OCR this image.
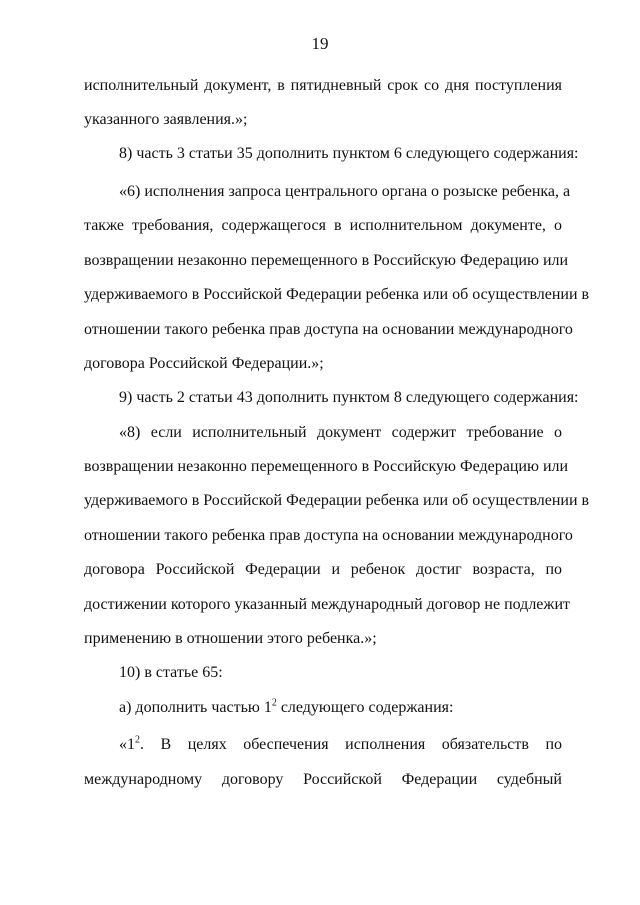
19
исполнительный документ, в пятидневный срок со дня поступления
указанного заявления.»;
8) часть 3 статьи 35 дополнить пунктом 6 следующего содержания:
«6) исполнения запроса центрального органа о розыске ребенка, а
также требования, содержащегося в исполнительном документе, о
возвращении незаконно перемещенного в Российскую Федерацию или
удерживаемого в Российской Федерации ребенка или об осуществлении в
отношении такого ребенка прав доступа на основании международного
договора Российской Федерации.»;
9) часть 2 статьи 43 дополнить пунктом 8 следующего содержания:
«8) если исполнительный документ содержит требование о
возвращении незаконно перемещенного в Российскую Федерацию или
удерживаемого в Российской Федерации ребенка или об осуществлении в
отношении такого ребенка прав доступа на основании международного
договора Российской Федерации и ребенок достиг возраста, по
достижении которого указанный международный договор не подлежит
применению в отношении этого ребенка.»;
10) в статье 65:
а) дополнить частью $1^2$ следующего содержания:
«$1^2$. В целях обеспечения исполнения обязательств по
международному договору Российской Федерации судебный
